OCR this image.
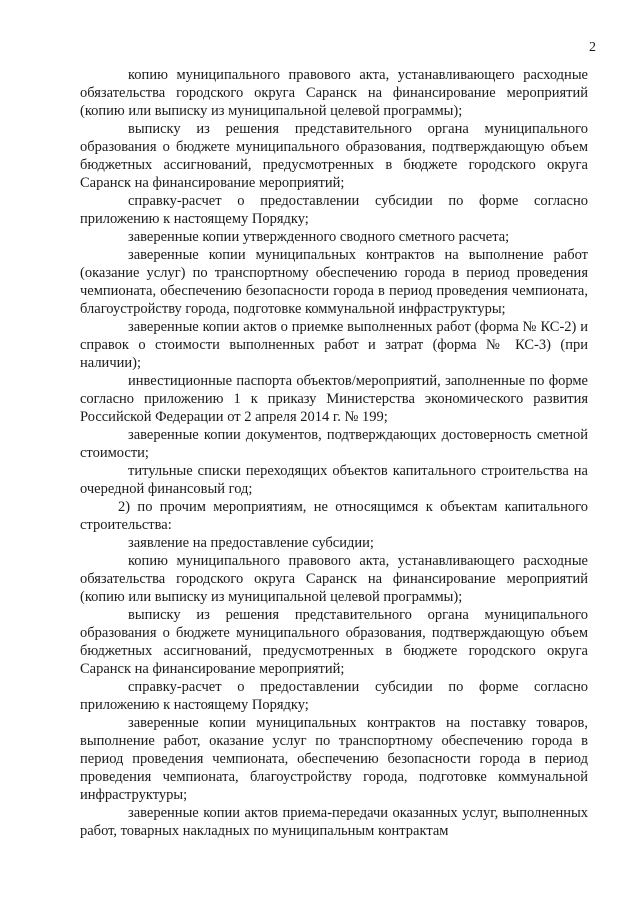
2

копию муниципального правового акта, устанавливающего расходные обязательства городского округа Саранск на финансирование мероприятий (копию или выписку из муниципальной целевой программы);

выписку из решения представительного органа муниципального образования о бюджете муниципального образования, подтверждающую объем бюджетных ассигнований, предусмотренных в бюджете городского округа Саранск на финансирование мероприятий;

справку-расчет о предоставлении субсидии по форме согласно приложению к настоящему Порядку;

заверенные копии утвержденного сводного сметного расчета;

заверенные копии муниципальных контрактов на выполнение работ (оказание услуг) по транспортному обеспечению города в период проведения чемпионата, обеспечению безопасности города в период проведения чемпионата, благоустройству города, подготовке коммунальной инфраструктуры;

заверенные копии актов о приемке выполненных работ (форма № КС-2) и справок о стоимости выполненных работ и затрат (форма № КС-3) (при наличии);

инвестиционные паспорта объектов/мероприятий, заполненные по форме согласно приложению 1 к приказу Министерства экономического развития Российской Федерации от 2 апреля 2014 г. № 199;

заверенные копии документов, подтверждающих достоверность сметной стоимости;

титульные списки переходящих объектов капитального строительства на очередной финансовый год;

2) по прочим мероприятиям, не относящимся к объектам капитального строительства:

заявление на предоставление субсидии;

копию муниципального правового акта, устанавливающего расходные обязательства городского округа Саранск на финансирование мероприятий (копию или выписку из муниципальной целевой программы);

выписку из решения представительного органа муниципального образования о бюджете муниципального образования, подтверждающую объем бюджетных ассигнований, предусмотренных в бюджете городского округа Саранск на финансирование мероприятий;

справку-расчет о предоставлении субсидии по форме согласно приложению к настоящему Порядку;

заверенные копии муниципальных контрактов на поставку товаров, выполнение работ, оказание услуг по транспортному обеспечению города в период проведения чемпионата, обеспечению безопасности города в период проведения чемпионата, благоустройству города, подготовке коммунальной инфраструктуры;

заверенные копии актов приема-передачи оказанных услуг, выполненных работ, товарных накладных по муниципальным контрактам
